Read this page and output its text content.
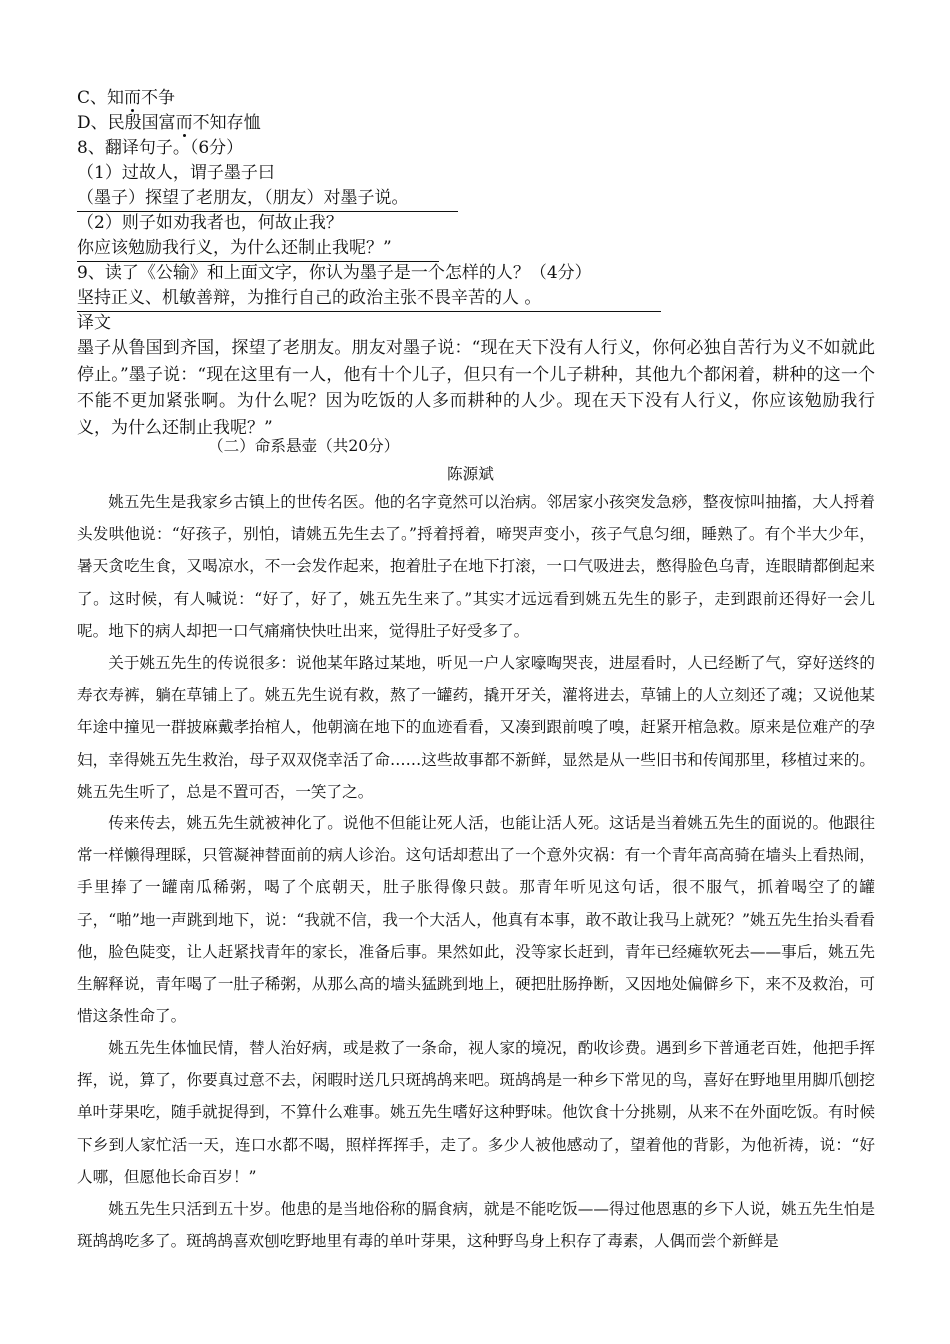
C、知而不争
D、民殷国富而不知存恤
8、翻译句子。（6分）
（1）过故人，谓子墨子曰
（墨子）探望了老朋友，（朋友）对墨子说。
（2）则子如劝我者也，何故止我？
你应该勉励我行义，为什么还制止我呢？”
9、读了《公输》和上面文字，你认为墨子是一个怎样的人？（4分）
坚持正义、机敏善辩，为推行自己的政治主张不畏辛苦的人 。
译文

墨子从鲁国到齐国，探望了老朋友。朋友对墨子说：“现在天下没有人行义，你何必独自苦行为义不如就此停止。”墨子说：“现在这里有一人，他有十个儿子，但只有一个儿子耕种，其他九个都闲着，耕种的这一个不能不更加紧张啊。为什么呢？因为吃饭的人多而耕种的人少。现在天下没有人行义，你应该勉励我行义，为什么还制止我呢？”

（二）命系悬壶（共20分）
陈源斌

姚五先生是我家乡古镇上的世传名医。他的名字竟然可以治病。邻居家小孩突发急痧，整夜惊叫抽搐，大人捋着头发哄他说：“好孩子，别怕，请姚五先生去了。”捋着捋着，啼哭声变小，孩子气息匀细，睡熟了。有个半大少年，暑天贪吃生食，又喝凉水，不一会发作起来，抱着肚子在地下打滚，一口气吸进去，憋得脸色乌青，连眼睛都倒起来了。这时候，有人喊说：“好了，好了，姚五先生来了。”其实才远远看到姚五先生的影子，走到跟前还得好一会儿呢。地下的病人却把一口气痛痛快快吐出来，觉得肚子好受多了。

关于姚五先生的传说很多：说他某年路过某地，听见一户人家嚎啕哭丧，进屋看时，人已经断了气，穿好送终的寿衣寿裤，躺在草铺上了。姚五先生说有救，熬了一罐药，撬开牙关，灌将进去，草铺上的人立刻还了魂；又说他某年途中撞见一群披麻戴孝抬棺人，他朝滴在地下的血迹看看，又凑到跟前嗅了嗅，赶紧开棺急救。原来是位难产的孕妇，幸得姚五先生救治，母子双双侥幸活了命……这些故事都不新鲜，显然是从一些旧书和传闻那里，移植过来的。姚五先生听了，总是不置可否，一笑了之。

传来传去，姚五先生就被神化了。说他不但能让死人活，也能让活人死。这话是当着姚五先生的面说的。他跟往常一样懒得理睬，只管凝神替面前的病人诊治。这句话却惹出了一个意外灾祸：有一个青年高高骑在墙头上看热闹，手里捧了一罐南瓜稀粥，喝了个底朝天，肚子胀得像只鼓。那青年听见这句话，很不服气，抓着喝空了的罐子，“啪”地一声跳到地下，说：“我就不信，我一个大活人，他真有本事，敢不敢让我马上就死？”姚五先生抬头看看他，脸色陡变，让人赶紧找青年的家长，准备后事。果然如此，没等家长赶到，青年已经瘫软死去——事后，姚五先生解释说，青年喝了一肚子稀粥，从那么高的墙头猛跳到地上，硬把肚肠挣断，又因地处偏僻乡下，来不及救治，可惜这条性命了。

姚五先生体恤民情，替人治好病，或是救了一条命，视人家的境况，酌收诊费。遇到乡下普通老百姓，他把手挥挥，说，算了，你要真过意不去，闲暇时送几只斑鸪鸪来吧。斑鸪鸪是一种乡下常见的鸟，喜好在野地里用脚爪刨挖单叶芽果吃，随手就捉得到，不算什么难事。姚五先生嗜好这种野味。他饮食十分挑剔，从来不在外面吃饭。有时候下乡到人家忙活一天，连口水都不喝，照样挥挥手，走了。多少人被他感动了，望着他的背影，为他祈祷，说：“好人哪，但愿他长命百岁！”

姚五先生只活到五十岁。他患的是当地俗称的膈食病，就是不能吃饭——得过他恩惠的乡下人说，姚五先生怕是斑鸪鸪吃多了。斑鸪鸪喜欢刨吃野地里有毒的单叶芽果，这种野鸟身上积存了毒素，人偶而尝个新鲜是
